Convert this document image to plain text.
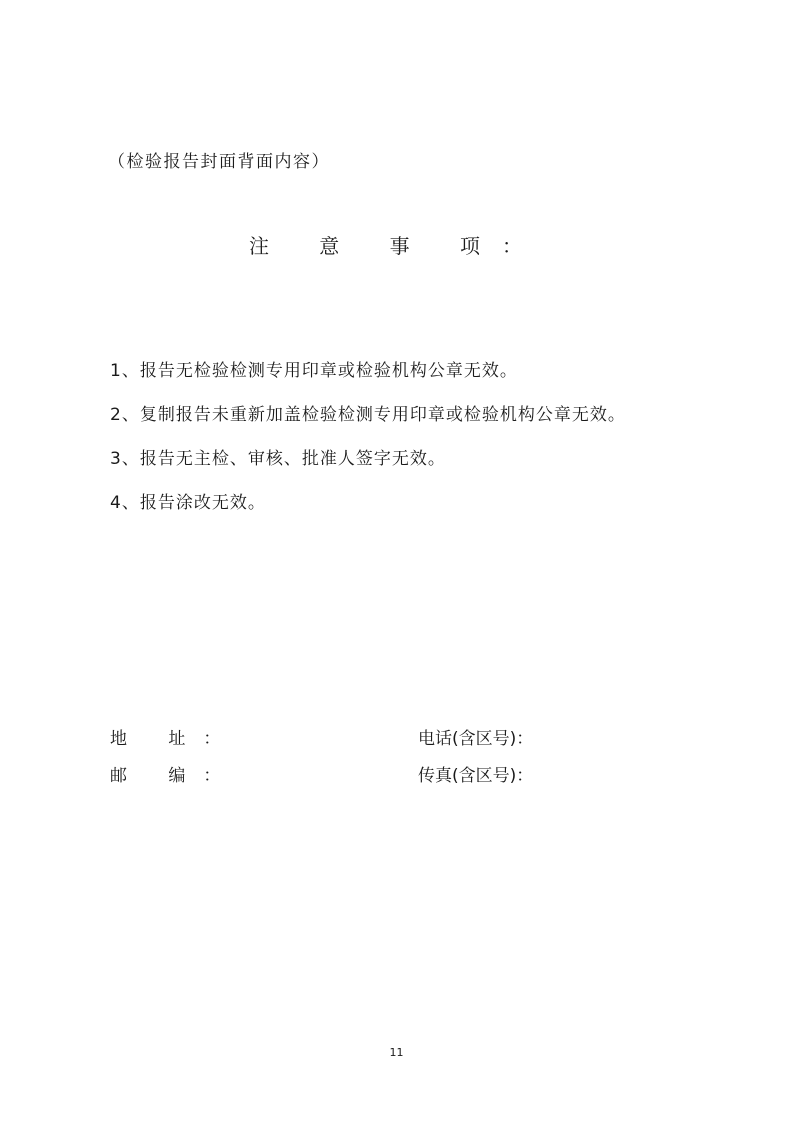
（检验报告封面背面内容）
注 意 事 项：
1、报告无检验检测专用印章或检验机构公章无效。
2、复制报告未重新加盖检验检测专用印章或检验机构公章无效。
3、报告无主检、审核、批准人签字无效。
4、报告涂改无效。
地 址：	电话(含区号)：
邮 编：	传真(含区号)：
11
